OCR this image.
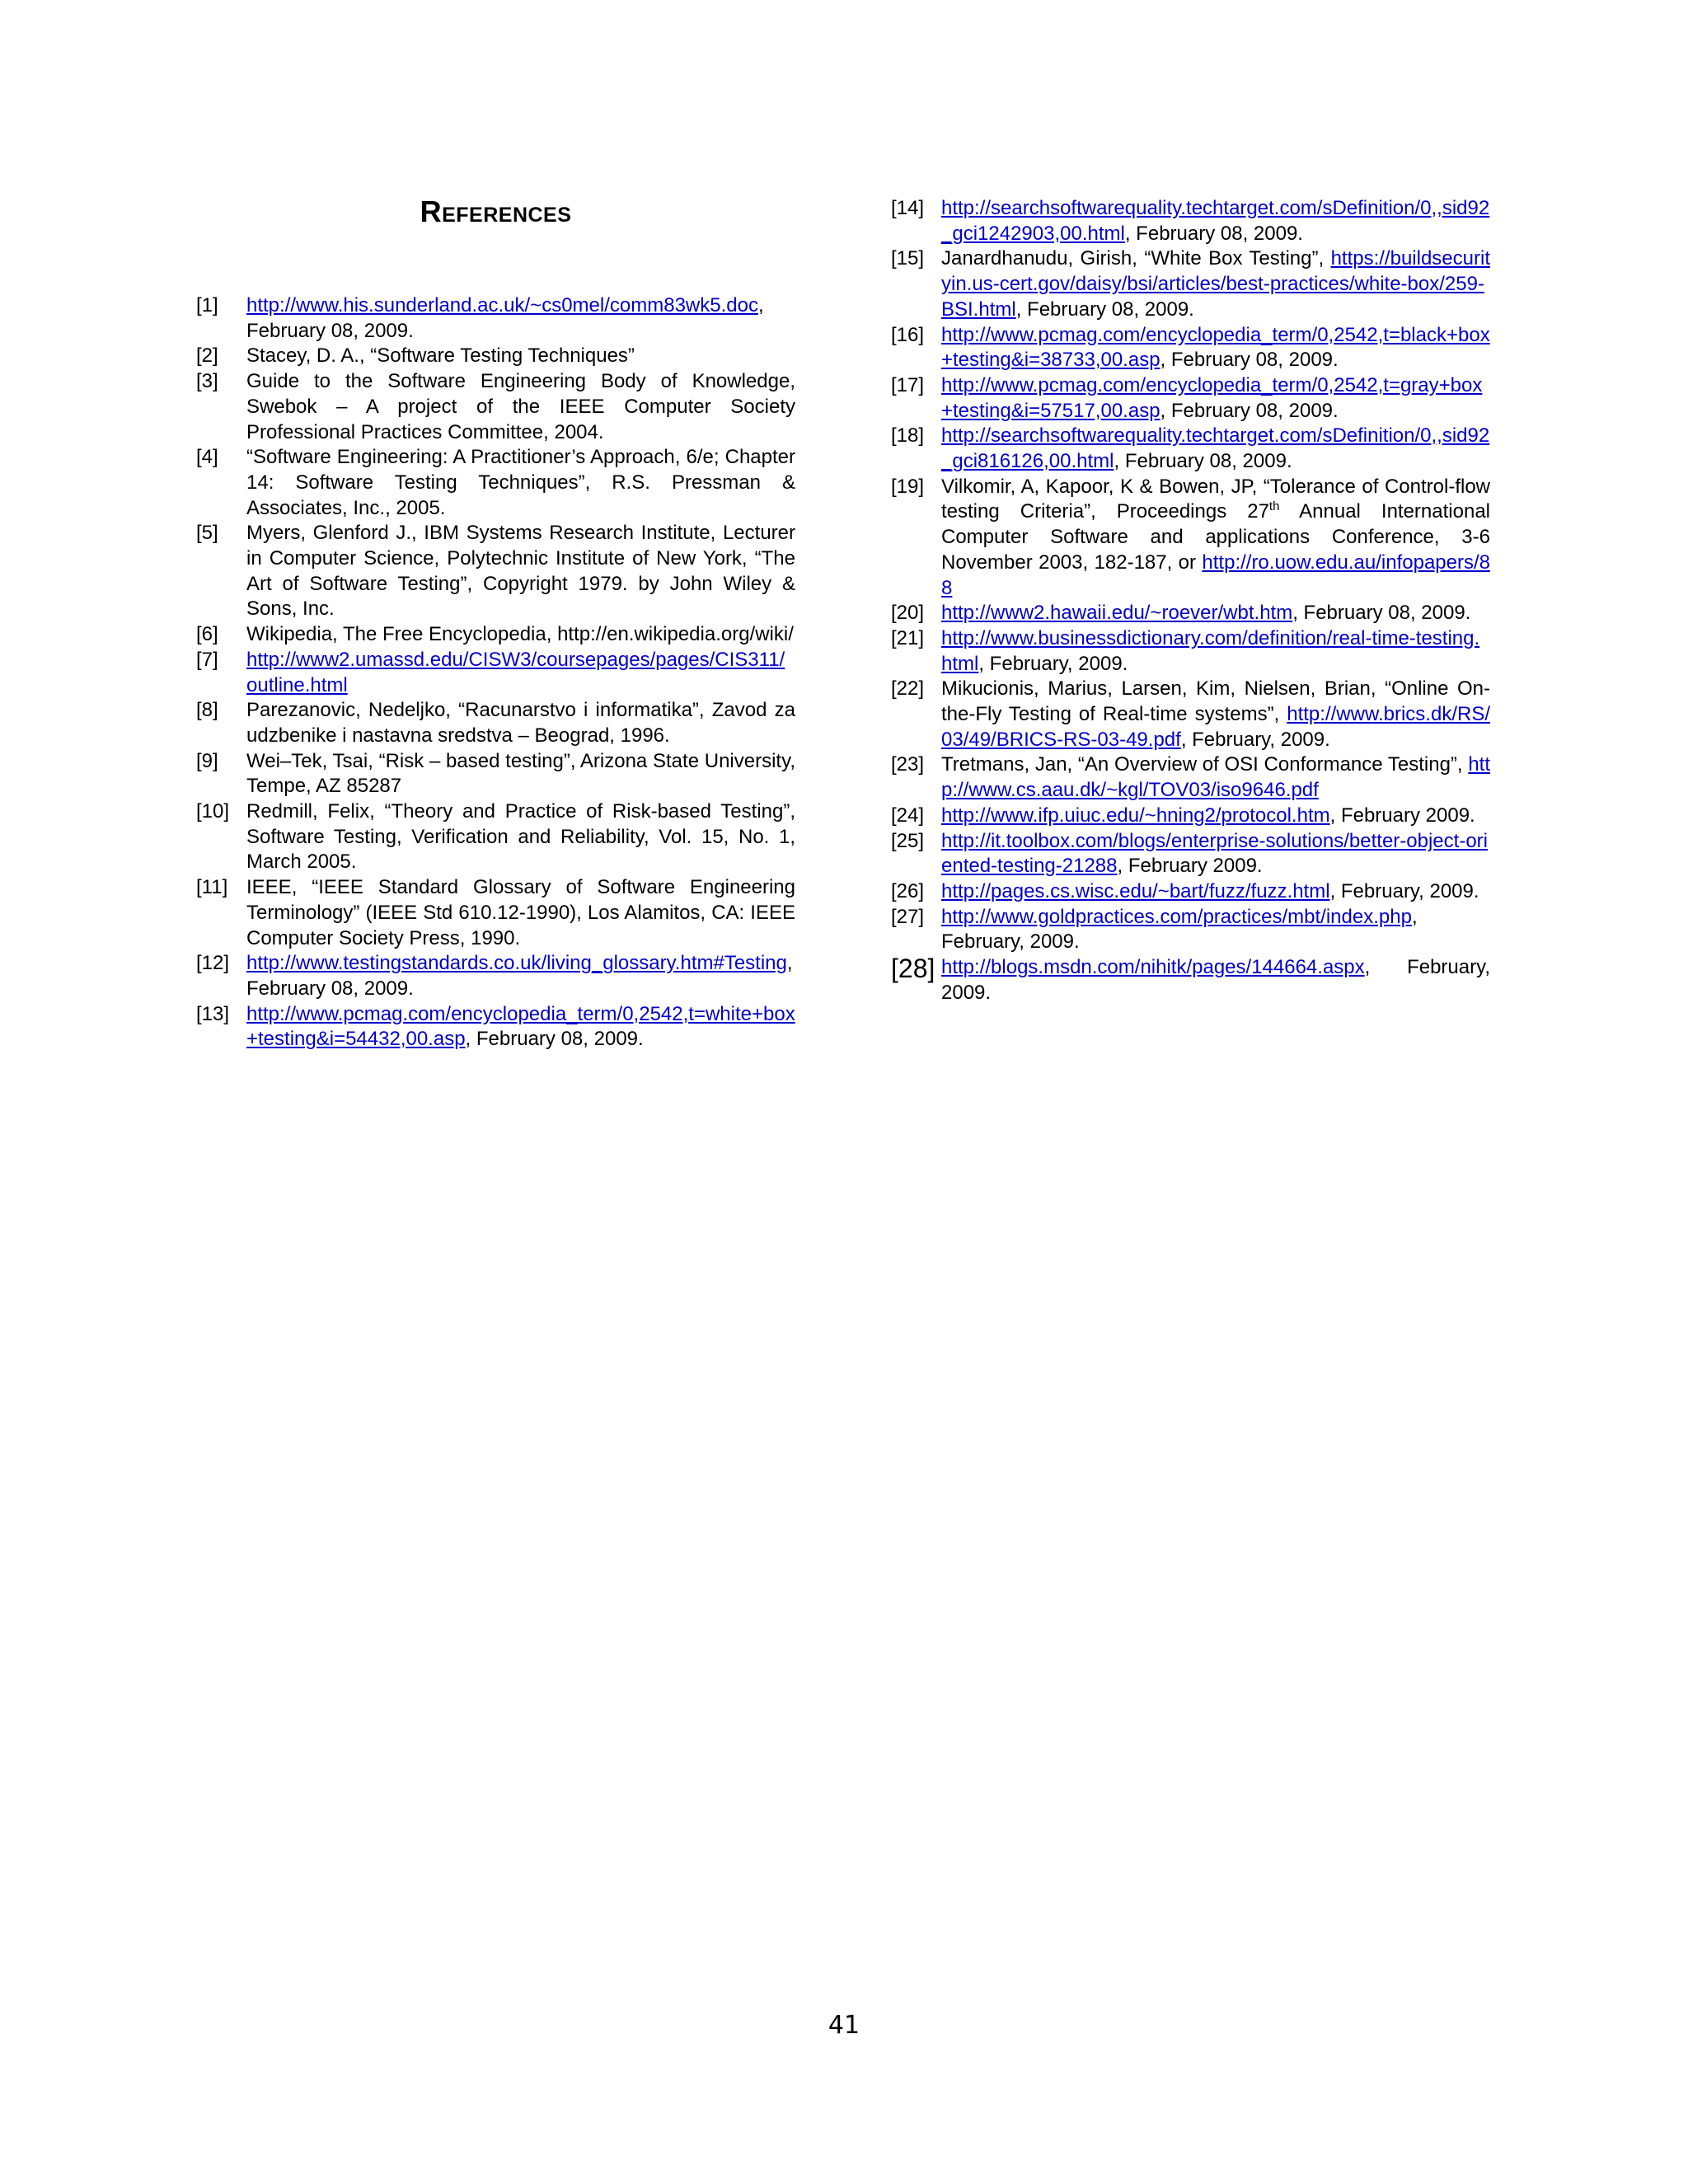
References
[1]	http://www.his.sunderland.ac.uk/~cs0mel/comm83wk5.doc, February 08, 2009.
[2]	Stacey, D. A., “Software Testing Techniques”
[3]	Guide to the Software Engineering Body of Knowledge, Swebok – A project of the IEEE Computer Society Professional Practices Committee, 2004.
[4]	“Software Engineering: A Practitioner’s Approach, 6/e; Chapter 14: Software Testing Techniques”, R.S. Pressman & Associates, Inc., 2005.
[5]	Myers, Glenford J., IBM Systems Research Institute, Lecturer in Computer Science, Polytechnic Institute of New York, “The Art of Software Testing”, Copyright 1979. by John Wiley & Sons, Inc.
[6]	Wikipedia, The Free Encyclopedia, http://en.wikipedia.org/wiki/
[7]	http://www2.umassd.edu/CISW3/coursepages/pages/CIS311/outline.html
[8]	Parezanovic, Nedeljko, “Racunarstvo i informatika”, Zavod za udzbenike i nastavna sredstva – Beograd, 1996.
[9]	Wei–Tek, Tsai, “Risk – based testing”, Arizona State University, Tempe, AZ 85287
[10] Redmill, Felix, “Theory and Practice of Risk-based Testing”, Software Testing, Verification and Reliability, Vol. 15, No. 1, March 2005.
[11] IEEE, “IEEE Standard Glossary of Software Engineering Terminology” (IEEE Std 610.12-1990), Los Alamitos, CA: IEEE Computer Society Press, 1990.
[12] http://www.testingstandards.co.uk/living_glossary.htm#Testing, February 08, 2009.
[13] http://www.pcmag.com/encyclopedia_term/0,2542,t=white+box+testing&i=54432,00.asp, February 08, 2009.
[14] http://searchsoftwarequality.techtarget.com/sDefinition/0,,sid92_gci1242903,00.html, February 08, 2009.
[15] Janardhanudu, Girish, “White Box Testing”, https://buildsecurityin.us-cert.gov/daisy/bsi/articles/best-practices/white-box/259-BSI.html, February 08, 2009.
[16] http://www.pcmag.com/encyclopedia_term/0,2542,t=black+box+testing&i=38733,00.asp, February 08, 2009.
[17] http://www.pcmag.com/encyclopedia_term/0,2542,t=gray+box+testing&i=57517,00.asp, February 08, 2009.
[18] http://searchsoftwarequality.techtarget.com/sDefinition/0,,sid92_gci816126,00.html, February 08, 2009.
[19] Vilkomir, A, Kapoor, K & Bowen, JP, “Tolerance of Control-flow testing Criteria”, Proceedings 27th Annual International Computer Software and applications Conference, 3-6 November 2003, 182-187, or http://ro.uow.edu.au/infopapers/88
[20] http://www2.hawaii.edu/~roever/wbt.htm, February 08, 2009.
[21] http://www.businessdictionary.com/definition/real-time-testing.html, February, 2009.
[22] Mikucionis, Marius, Larsen, Kim, Nielsen, Brian, “Online On-the-Fly Testing of Real-time systems”, http://www.brics.dk/RS/03/49/BRICS-RS-03-49.pdf, February, 2009.
[23] Tretmans, Jan, “An Overview of OSI Conformance Testing”, http://www.cs.aau.dk/~kgl/TOV03/iso9646.pdf
[24] http://www.ifp.uiuc.edu/~hning2/protocol.htm, February 2009.
[25] http://it.toolbox.com/blogs/enterprise-solutions/better-object-oriented-testing-21288, February 2009.
[26] http://pages.cs.wisc.edu/~bart/fuzz/fuzz.html, February, 2009.
[27] http://www.goldpractices.com/practices/mbt/index.php, February, 2009.
[28] http://blogs.msdn.com/nihitk/pages/144664.aspx, February, 2009.
41
